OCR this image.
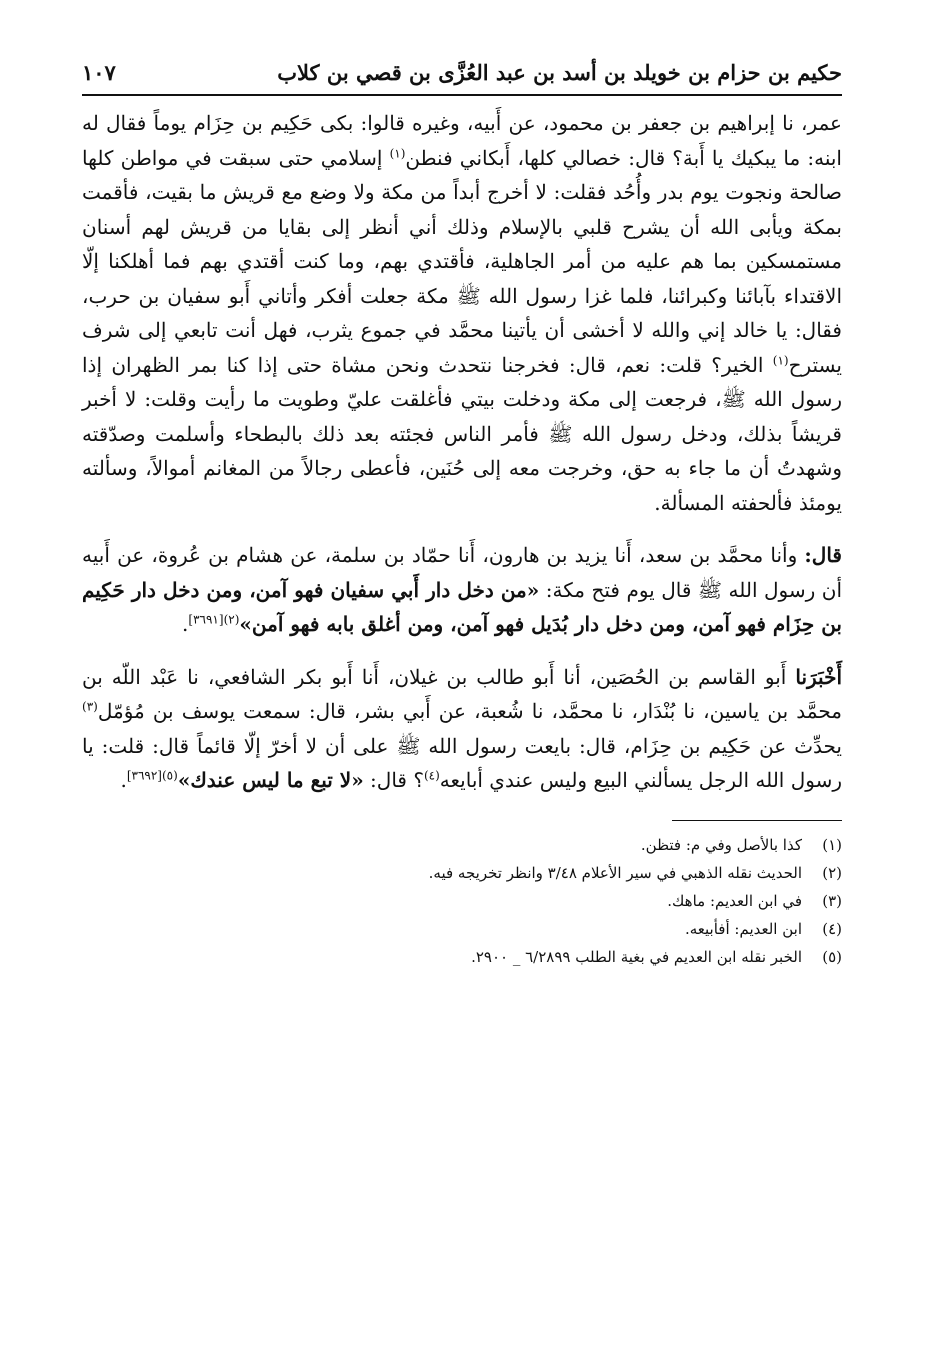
حكيم بن حزام بن خويلد بن أسد بن عبد العُزَّى بن قصي بن كلاب
١٠٧

عمر، نا إبراهيم بن جعفر بن محمود، عن أَبيه، وغيره قالوا: بكى حَكِيم بن حِزَام يوماً فقال له ابنه: ما يبكيك يا أَبة؟ قال: خصالي كلها، أَبكاني فنطن$^{(١)}$ إسلامي حتى سبقت في مواطن كلها صالحة ونجوت يوم بدر وأُحُد فقلت: لا أخرج أبداً من مكة ولا وضع مع قريش ما بقيت، فأقمت بمكة ويأبى الله أن يشرح قلبي بالإسلام وذلك أني أنظر إلى بقايا من قريش لهم أسنان مستمسكين بما هم عليه من أمر الجاهلية، فأقتدي بهم، وما كنت أقتدي بهم فما أهلكنا إلّا الاقتداء بآبائنا وكبرائنا، فلما غزا رسول الله ﷺ مكة جعلت أفكر وأتاني أَبو سفيان بن حرب، فقال: يا خالد إني والله لا أخشى أن يأتينا محمَّد في جموع يثرب، فهل أنت تابعي إلى شرف يسترح$^{(١)}$ الخير؟ قلت: نعم، قال: فخرجنا نتحدث ونحن مشاة حتى إذا كنا بمر الظهران إذا رسول الله ﷺ، فرجعت إلى مكة ودخلت بيتي فأغلقت عليّ وطويت ما رأيت وقلت: لا أخبر قريشاً بذلك، ودخل رسول الله ﷺ فأمر الناس فجئته بعد ذلك بالبطحاء وأسلمت وصدّقته وشهدتُ أن ما جاء به حق، وخرجت معه إلى حُنَين، فأعطى رجالاً من المغانم أموالاً، وسألته يومئذ فألحفته المسألة.

قال: وأنا محمَّد بن سعد، أَنا يزيد بن هارون، أَنا حمّاد بن سلمة، عن هشام بن عُروة، عن أَبيه أن رسول الله ﷺ قال يوم فتح مكة: «من دخل دار أَبي سفيان فهو آمن، ومن دخل دار حَكِيم بن حِزَام فهو آمن، ومن دخل دار بُدَيل فهو آمن، ومن أغلق بابه فهو آمن»$^{(٢)[٣٦٩١]}$.

أَخْبَرَنا أَبو القاسم بن الحُصَين، أنا أَبو طالب بن غيلان، أَنا أَبو بكر الشافعي، نا عَبْد اللّه بن محمَّد بن ياسين، نا بُنْدَار، نا محمَّد، نا شُعبة، عن أَبي بشر، قال: سمعت يوسف بن مُؤمّل$^{(٣)}$ يحدِّث عن حَكِيم بن حِزَام، قال: بايعت رسول الله ﷺ على أن لا أخرّ إلّا قائماً قال: قلت: يا رسول الله الرجل يسألني البيع وليس عندي أبايعه$^{(٤)}$؟ قال: «لا تبع ما ليس عندك»$^{(٥)[٣٦٩٢]}$.

(١)
كذا بالأصل وفي م: فتظن.
(٢)
الحديث نقله الذهبي في سير الأعلام ٣/٤٨ وانظر تخريجه فيه.
(٣)
في ابن العديم: ماهك.
(٤)
ابن العديم: أفأبيعه.
(٥)
الخبر نقله ابن العديم في بغية الطلب ٦/٢٨٩٩ _ ٢٩٠٠.
